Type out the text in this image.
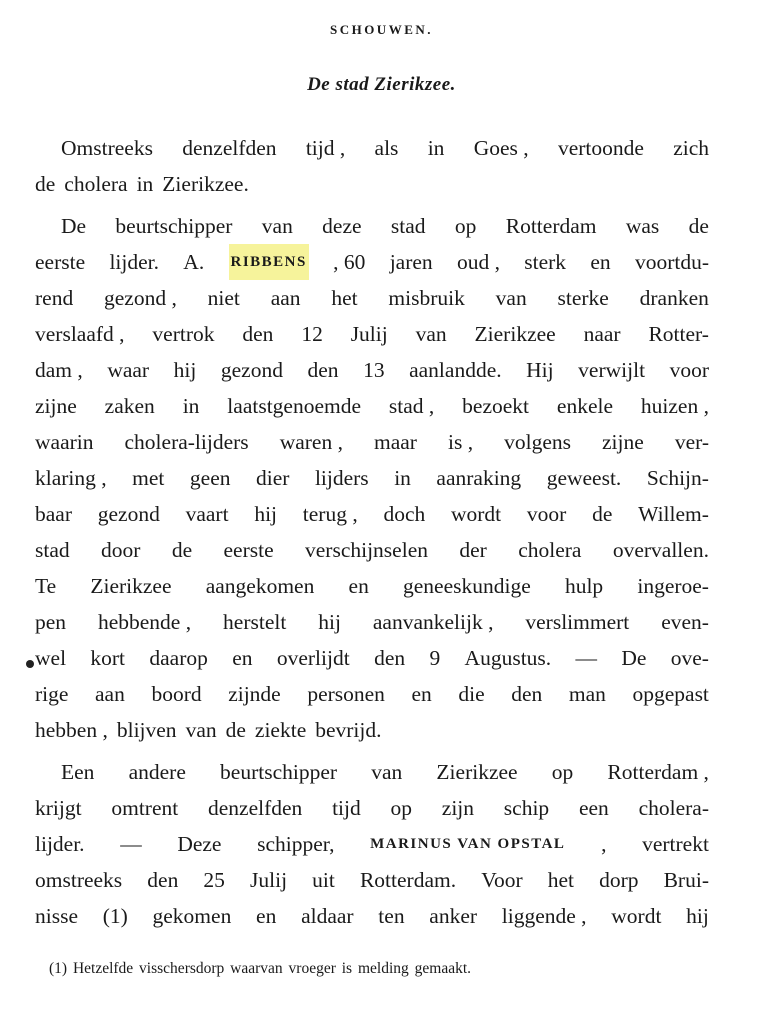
SCHOUWEN.
De stad Zierikzee.
Omstreeks denzelfden tijd , als in Goes , vertoonde zich
de cholera in Zierikzee.
De beurtschipper van deze stad op Rotterdam was de
eerste lijder. A. RIBBENS , 60 jaren oud , sterk en voortdu-
rend gezond , niet aan het misbruik van sterke dranken
verslaafd , vertrok den 12 Julij van Zierikzee naar Rotter-
dam , waar hij gezond den 13 aanlandde. Hij verwijlt voor
zijne zaken in laatstgenoemde stad , bezoekt enkele huizen ,
waarin cholera-lijders waren , maar is , volgens zijne ver-
klaring , met geen dier lijders in aanraking geweest. Schijn-
baar gezond vaart hij terug , doch wordt voor de Willem-
stad door de eerste verschijnselen der cholera overvallen.
Te Zierikzee aangekomen en geneeskundige hulp ingeroe-
pen hebbende , herstelt hij aanvankelijk , verslimmert even-
wel kort daarop en overlijdt den 9 Augustus. — De ove-
rige aan boord zijnde personen en die den man opgepast
hebben , blijven van de ziekte bevrijd.
Een andere beurtschipper van Zierikzee op Rotterdam ,
krijgt omtrent denzelfden tijd op zijn schip een cholera-
lijder. — Deze schipper, MARINUS VAN OPSTAL , vertrekt
omstreeks den 25 Julij uit Rotterdam. Voor het dorp Brui-
nisse (1) gekomen en aldaar ten anker liggende , wordt hij
(1) Hetzelfde visschersdorp waarvan vroeger is melding gemaakt.
